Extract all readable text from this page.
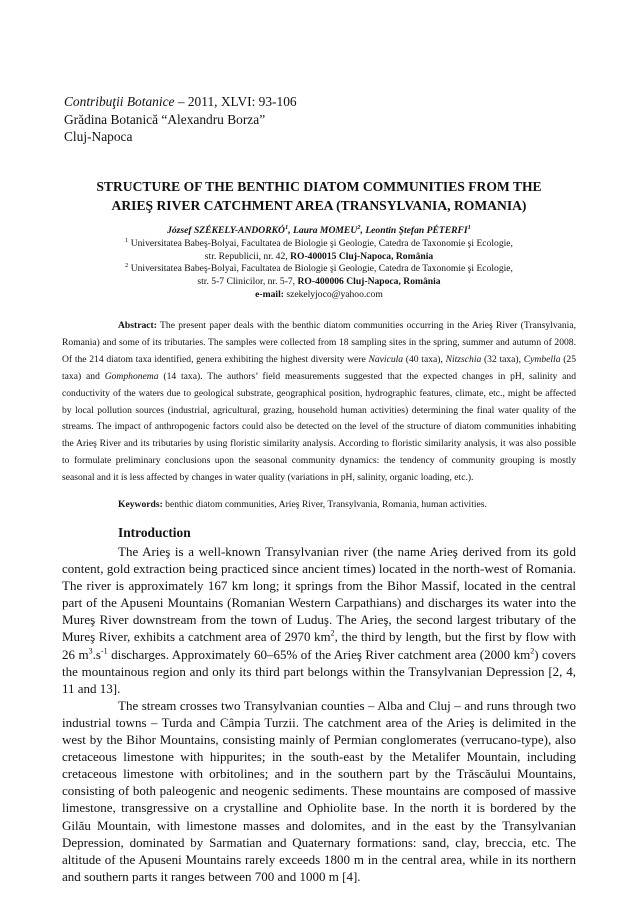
Contribuţii Botanice – 2011, XLVI: 93-106
Grădina Botanică “Alexandru Borza”
Cluj-Napoca
STRUCTURE OF THE BENTHIC DIATOM COMMUNITIES FROM THE
ARIEŞ RIVER CATCHMENT AREA (TRANSYLVANIA, ROMANIA)
József SZÉKELY-ANDORKÓ$^1$, Laura MOMEU$^2$, Leontin Ştefan PÉTERFI$^1$
$^1$ Universitatea Babeş-Bolyai, Facultatea de Biologie şi Geologie, Catedra de Taxonomie şi Ecologie,
str. Republicii, nr. 42, RO-400015 Cluj-Napoca, România
$^2$ Universitatea Babeş-Bolyai, Facultatea de Biologie şi Geologie, Catedra de Taxonomie şi Ecologie,
str. 5-7 Clinicilor, nr. 5-7, RO-400006 Cluj-Napoca, România
e-mail: szekelyjoco@yahoo.com
Abstract: The present paper deals with the benthic diatom communities occurring in the Arieş River (Transylvania, Romania) and some of its tributaries. The samples were collected from 18 sampling sites in the spring, summer and autumn of 2008. Of the 214 diatom taxa identified, genera exhibiting the highest diversity were Navicula (40 taxa), Nitzschia (32 taxa), Cymbella (25 taxa) and Gomphonema (14 taxa). The authors’ field measurements suggested that the expected changes in pH, salinity and conductivity of the waters due to geological substrate, geographical position, hydrographic features, climate, etc., might be affected by local pollution sources (industrial, agricultural, grazing, household human activities) determining the final water quality of the streams. The impact of anthropogenic factors could also be detected on the level of the structure of diatom communities inhabiting the Arieş River and its tributaries by using floristic similarity analysis. According to floristic similarity analysis, it was also possible to formulate preliminary conclusions upon the seasonal community dynamics: the tendency of community grouping is mostly seasonal and it is less affected by changes in water quality (variations in pH, salinity, organic loading, etc.).
Keywords: benthic diatom communities, Arieş River, Transylvania, Romania, human activities.
Introduction

The Arieş is a well-known Transylvanian river (the name Arieş derived from its gold content, gold extraction being practiced since ancient times) located in the north-west of Romania. The river is approximately 167 km long; it springs from the Bihor Massif, located in the central part of the Apuseni Mountains (Romanian Western Carpathians) and discharges its water into the Mureş River downstream from the town of Luduş. The Arieş, the second largest tributary of the Mureş River, exhibits a catchment area of 2970 $km^2$, the third by length, but the first by flow with 26 $m^3.s^{-1}$ discharges. Approximately 60–65% of the Arieş River catchment area (2000 $km^2$) covers the mountainous region and only its third part belongs within the Transylvanian Depression [2, 4, 11 and 13].

The stream crosses two Transylvanian counties – Alba and Cluj – and runs through two industrial towns – Turda and Câmpia Turzii. The catchment area of the Arieş is delimited in the west by the Bihor Mountains, consisting mainly of Permian conglomerates (verrucano-type), also cretaceous limestone with hippurites; in the south-east by the Metalifer Mountain, including cretaceous limestone with orbitolines; and in the southern part by the Trăscăului Mountains, consisting of both paleogenic and neogenic sediments. These mountains are composed of massive limestone, transgressive on a crystalline and Ophiolite base. In the north it is bordered by the Gilău Mountain, with limestone masses and dolomites, and in the east by the Transylvanian Depression, dominated by Sarmatian and Quaternary formations: sand, clay, breccia, etc. The altitude of the Apuseni Mountains rarely exceeds 1800 m in the central area, while in its northern and southern parts it ranges between 700 and 1000 m [4].
